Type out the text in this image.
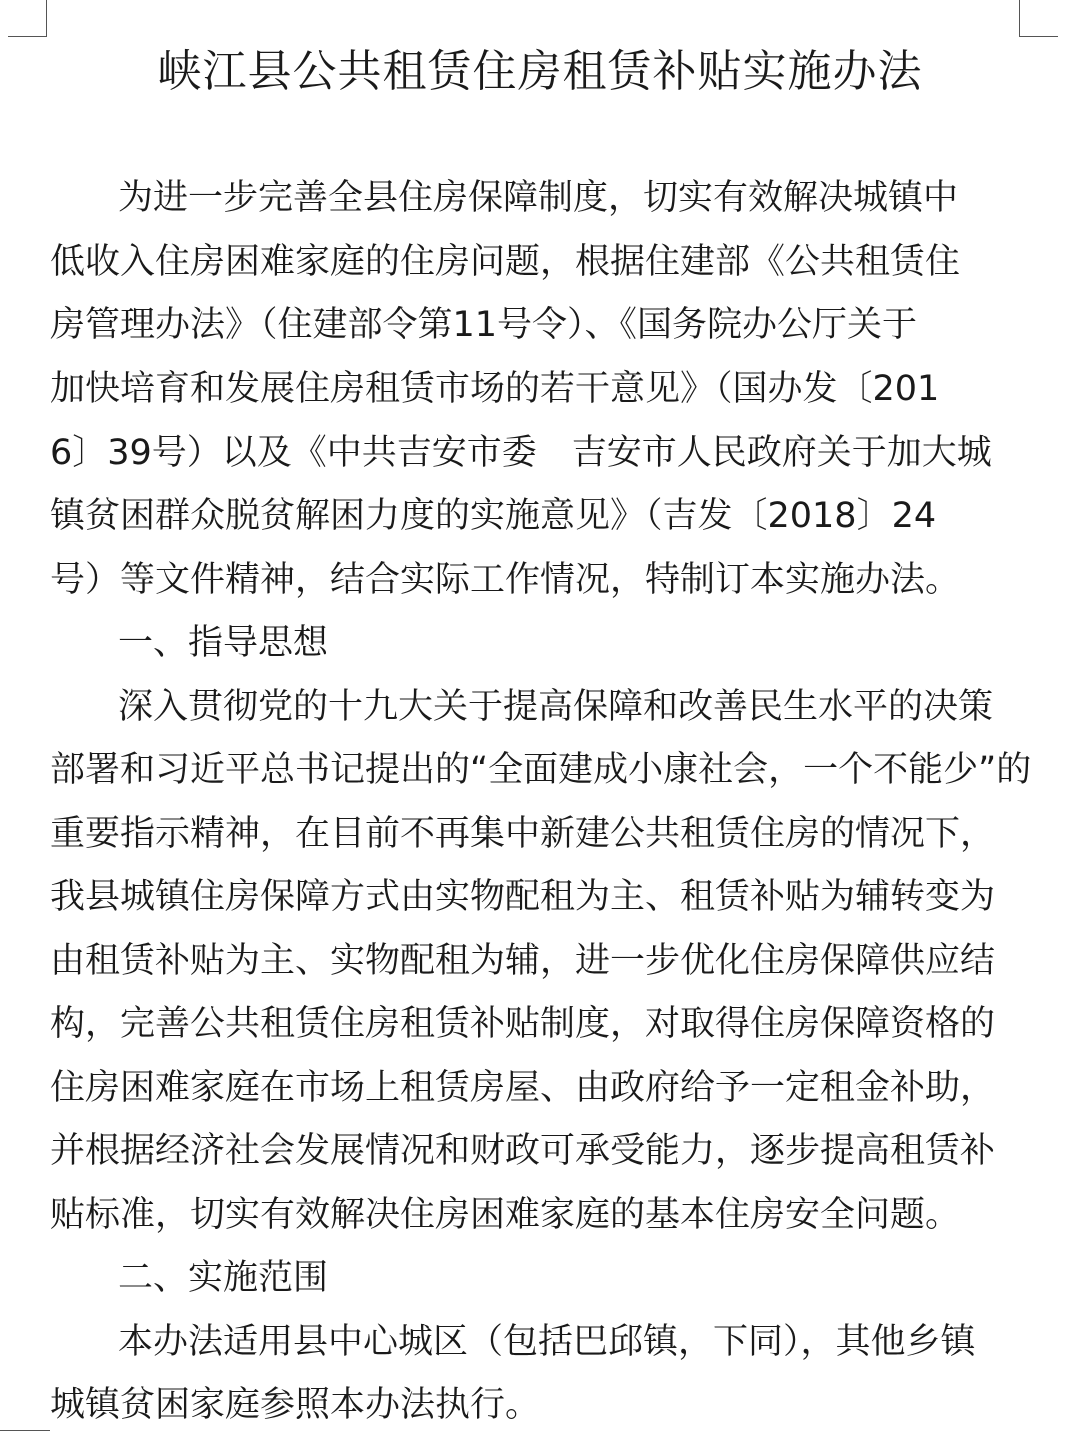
峡江县公共租赁住房租赁补贴实施办法
为进一步完善全县住房保障制度，切实有效解决城镇中
低收入住房困难家庭的住房问题，根据住建部《公共租赁住
房管理办法》（住建部令第11号令）、《国务院办公厅关于
加快培育和发展住房租赁市场的若干意见》（国办发〔201
6〕39号）以及《中共吉安市委　吉安市人民政府关于加大城
镇贫困群众脱贫解困力度的实施意见》（吉发〔2018〕24
号）等文件精神，结合实际工作情况，特制订本实施办法。
一、指导思想
深入贯彻党的十九大关于提高保障和改善民生水平的决策
部署和习近平总书记提出的“全面建成小康社会，一个不能少”的
重要指示精神，在目前不再集中新建公共租赁住房的情况下，
我县城镇住房保障方式由实物配租为主、租赁补贴为辅转变为
由租赁补贴为主、实物配租为辅，进一步优化住房保障供应结
构，完善公共租赁住房租赁补贴制度，对取得住房保障资格的
住房困难家庭在市场上租赁房屋、由政府给予一定租金补助，
并根据经济社会发展情况和财政可承受能力，逐步提高租赁补
贴标准，切实有效解决住房困难家庭的基本住房安全问题。
二、实施范围
本办法适用县中心城区（包括巴邱镇，下同），其他乡镇
城镇贫困家庭参照本办法执行。
